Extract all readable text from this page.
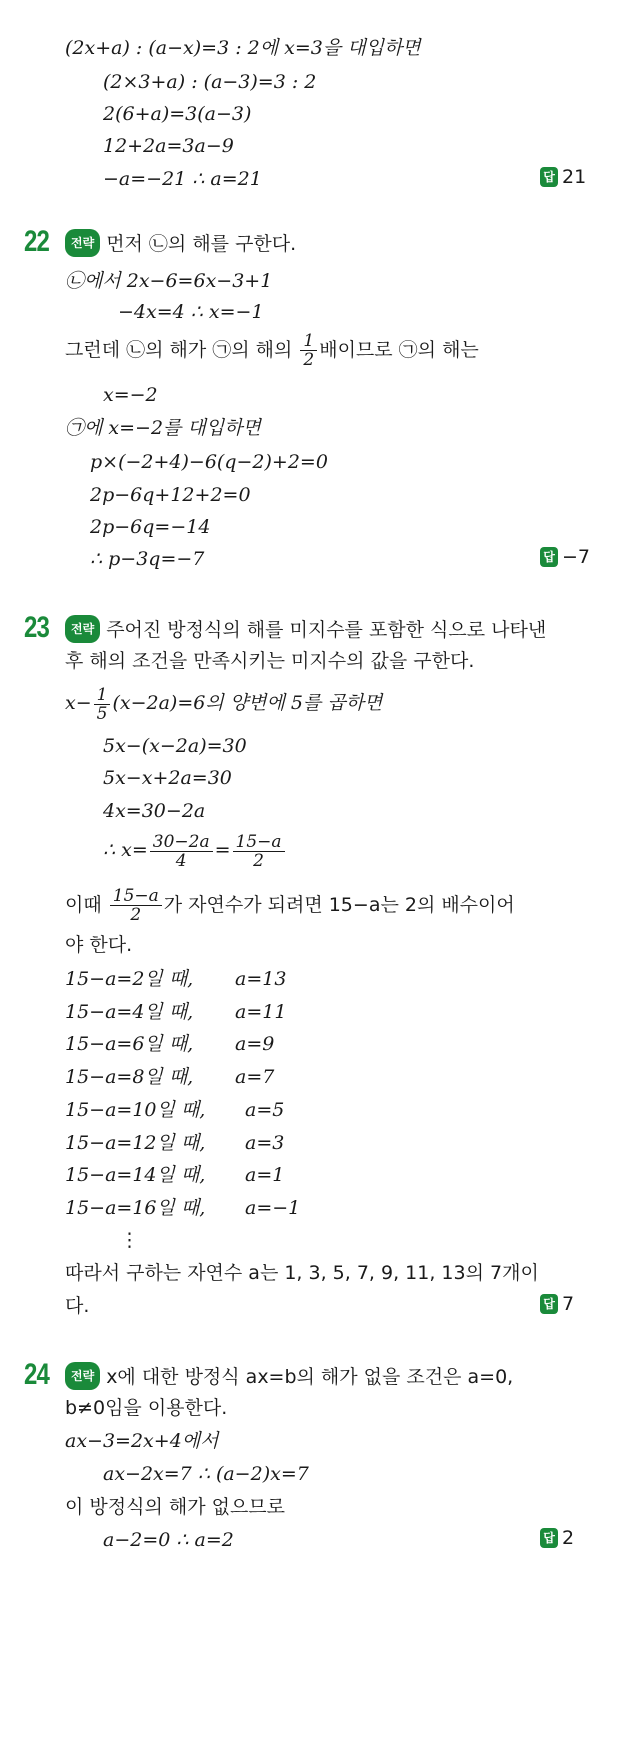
(2x+a) : (a−x)=3 : 2에 x=3을 대입하면
(2×3+a) : (a−3)=3 : 2
2(6+a)=3(a−3)
12+2a=3a−9
−a=−21 ∴ a=21	답 21
22	전략 먼저 ㉡의 해를 구한다.
㉡에서 2x−6=6x−3+1
−4x=4 ∴ x=−1
그런데 ㉡의 해가 ㉠의 해의 $\frac{1}{2}$ 배이므로 ㉠의 해는
x=−2
㉠에 x=−2를 대입하면
p×(−2+4)−6(q−2)+2=0
2p−6q+12+2=0
2p−6q=−14
∴ p−3q=−7	답 −7
23	전략 주어진 방정식의 해를 미지수를 포함한 식으로 나타낸
후 해의 조건을 만족시키는 미지수의 값을 구한다.
$x- \frac{1}{5} (x-2a)=6$의 양변에 5를 곱하면
5x−(x−2a)=30
5x−x+2a=30
4x=30−2a
∴ $x= \frac{30-2a}{4} = \frac{15-a}{2}$
이때 $\frac{15-a}{2}$ 가 자연수가 되려면 15−a는 2의 배수이어
야 한다.
15−a=2일 때, a=13
15−a=4일 때, a=11
15−a=6일 때, a=9
15−a=8일 때, a=7
15−a=10일 때, a=5
15−a=12일 때, a=3
15−a=14일 때, a=1
15−a=16일 때, a=−1
⋮
따라서 구하는 자연수 a는 1, 3, 5, 7, 9, 11, 13의 7개이
다.	답 7
24	전략 x에 대한 방정식 ax=b의 해가 없을 조건은 a=0,
b≠0임을 이용한다.
ax−3=2x+4에서
ax−2x=7 ∴ (a−2)x=7
이 방정식의 해가 없으므로
a−2=0 ∴ a=2	답 2
